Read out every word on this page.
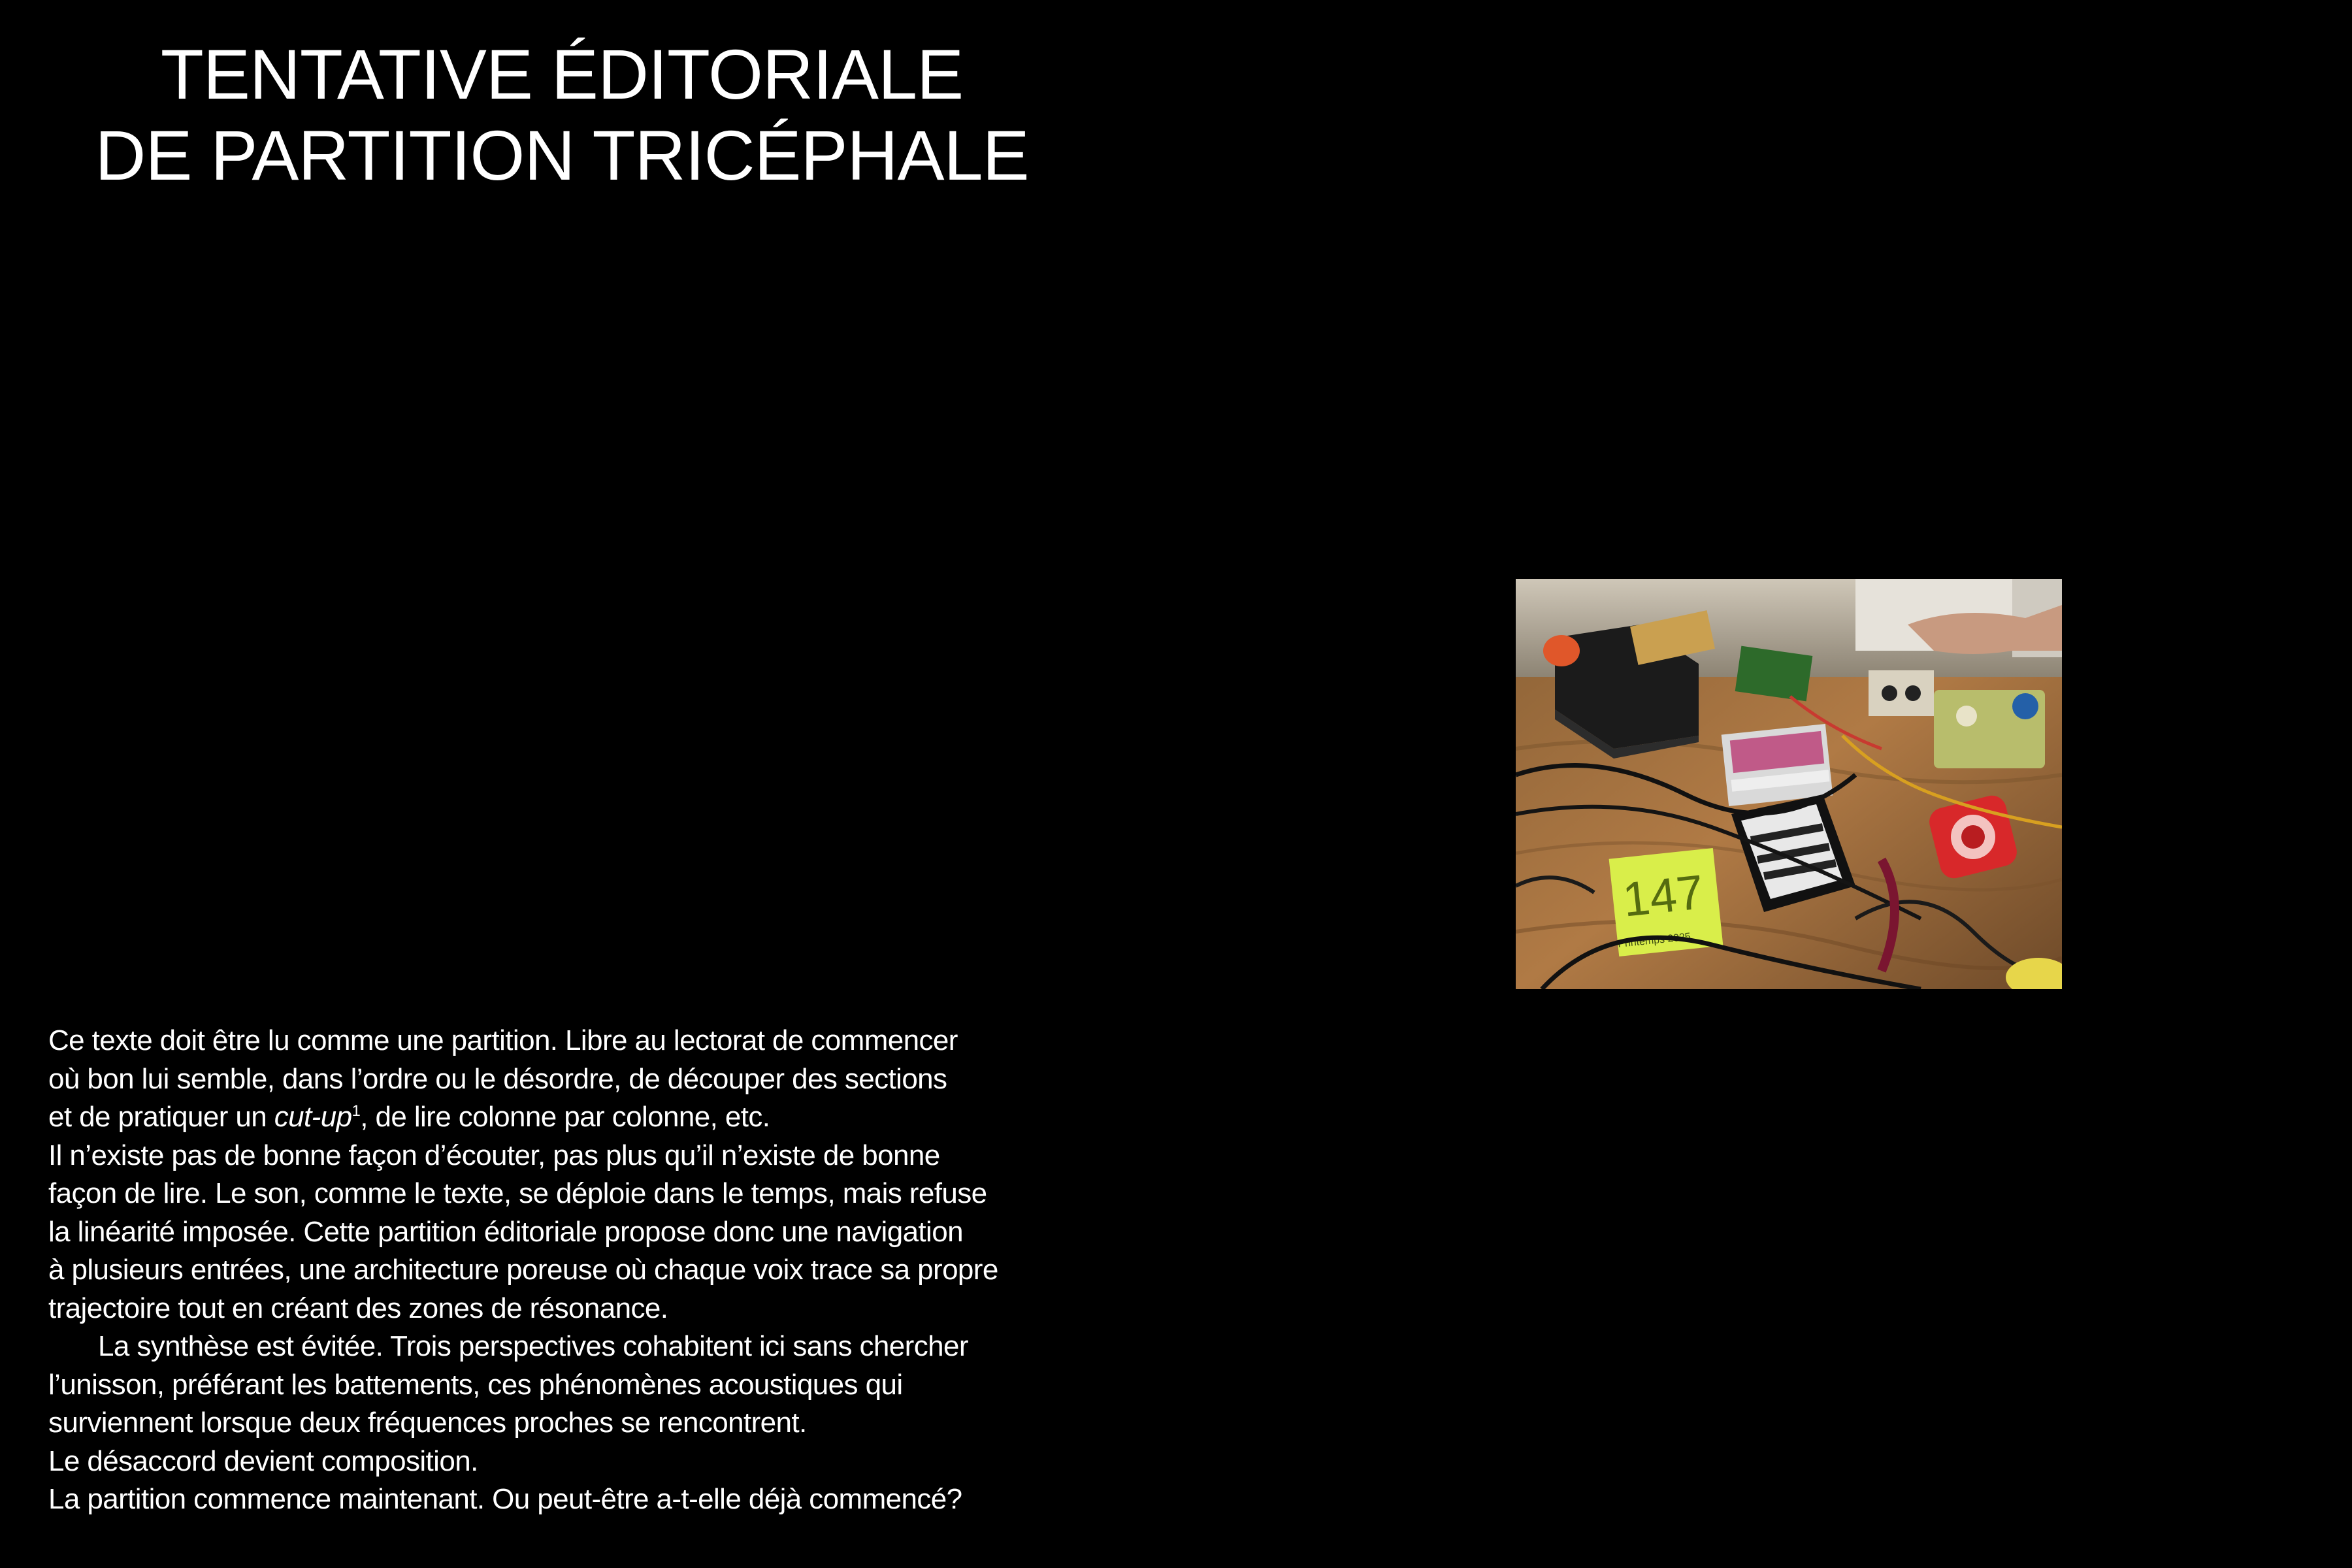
TENTATIVE ÉDITORIALE
DE PARTITION TRICÉPHALE
147
Printemps 2025
Ce texte doit être lu comme une partition. Libre au lectorat de commencer
où bon lui semble, dans l’ordre ou le désordre, de découper des sections
et de pratiquer un cut-up$^1$, de lire colonne par colonne, etc.
Il n’existe pas de bonne façon d’écouter, pas plus qu’il n’existe de bonne
façon de lire. Le son, comme le texte, se déploie dans le temps, mais refuse
la linéarité imposée. Cette partition éditoriale propose donc une navigation
à plusieurs entrées, une architecture poreuse où chaque voix trace sa propre
trajectoire tout en créant des zones de résonance.
La synthèse est évitée. Trois perspectives cohabitent ici sans chercher
l’unisson, préférant les battements, ces phénomènes acoustiques qui
surviennent lorsque deux fréquences proches se rencontrent.
Le désaccord devient composition.
La partition commence maintenant. Ou peut-être a-t-elle déjà commencé?
